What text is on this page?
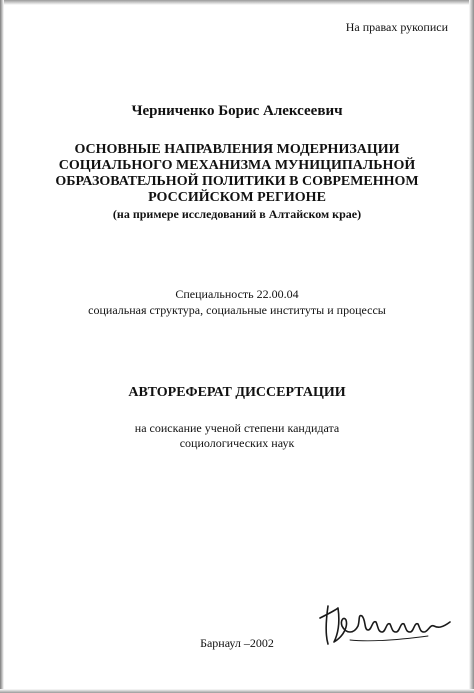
На правах рукописи
Черниченко Борис Алексеевич
ОСНОВНЫЕ НАПРАВЛЕНИЯ МОДЕРНИЗАЦИИ
СОЦИАЛЬНОГО МЕХАНИЗМА МУНИЦИПАЛЬНОЙ
ОБРАЗОВАТЕЛЬНОЙ ПОЛИТИКИ В СОВРЕМЕННОМ
РОССИЙСКОМ РЕГИОНЕ
(на примере исследований в Алтайском крае)
Специальность 22.00.04
социальная структура, социальные институты и процессы
АВТОРЕФЕРАТ ДИССЕРТАЦИИ
на соискание ученой степени кандидата
социологических наук
Барнаул –2002
